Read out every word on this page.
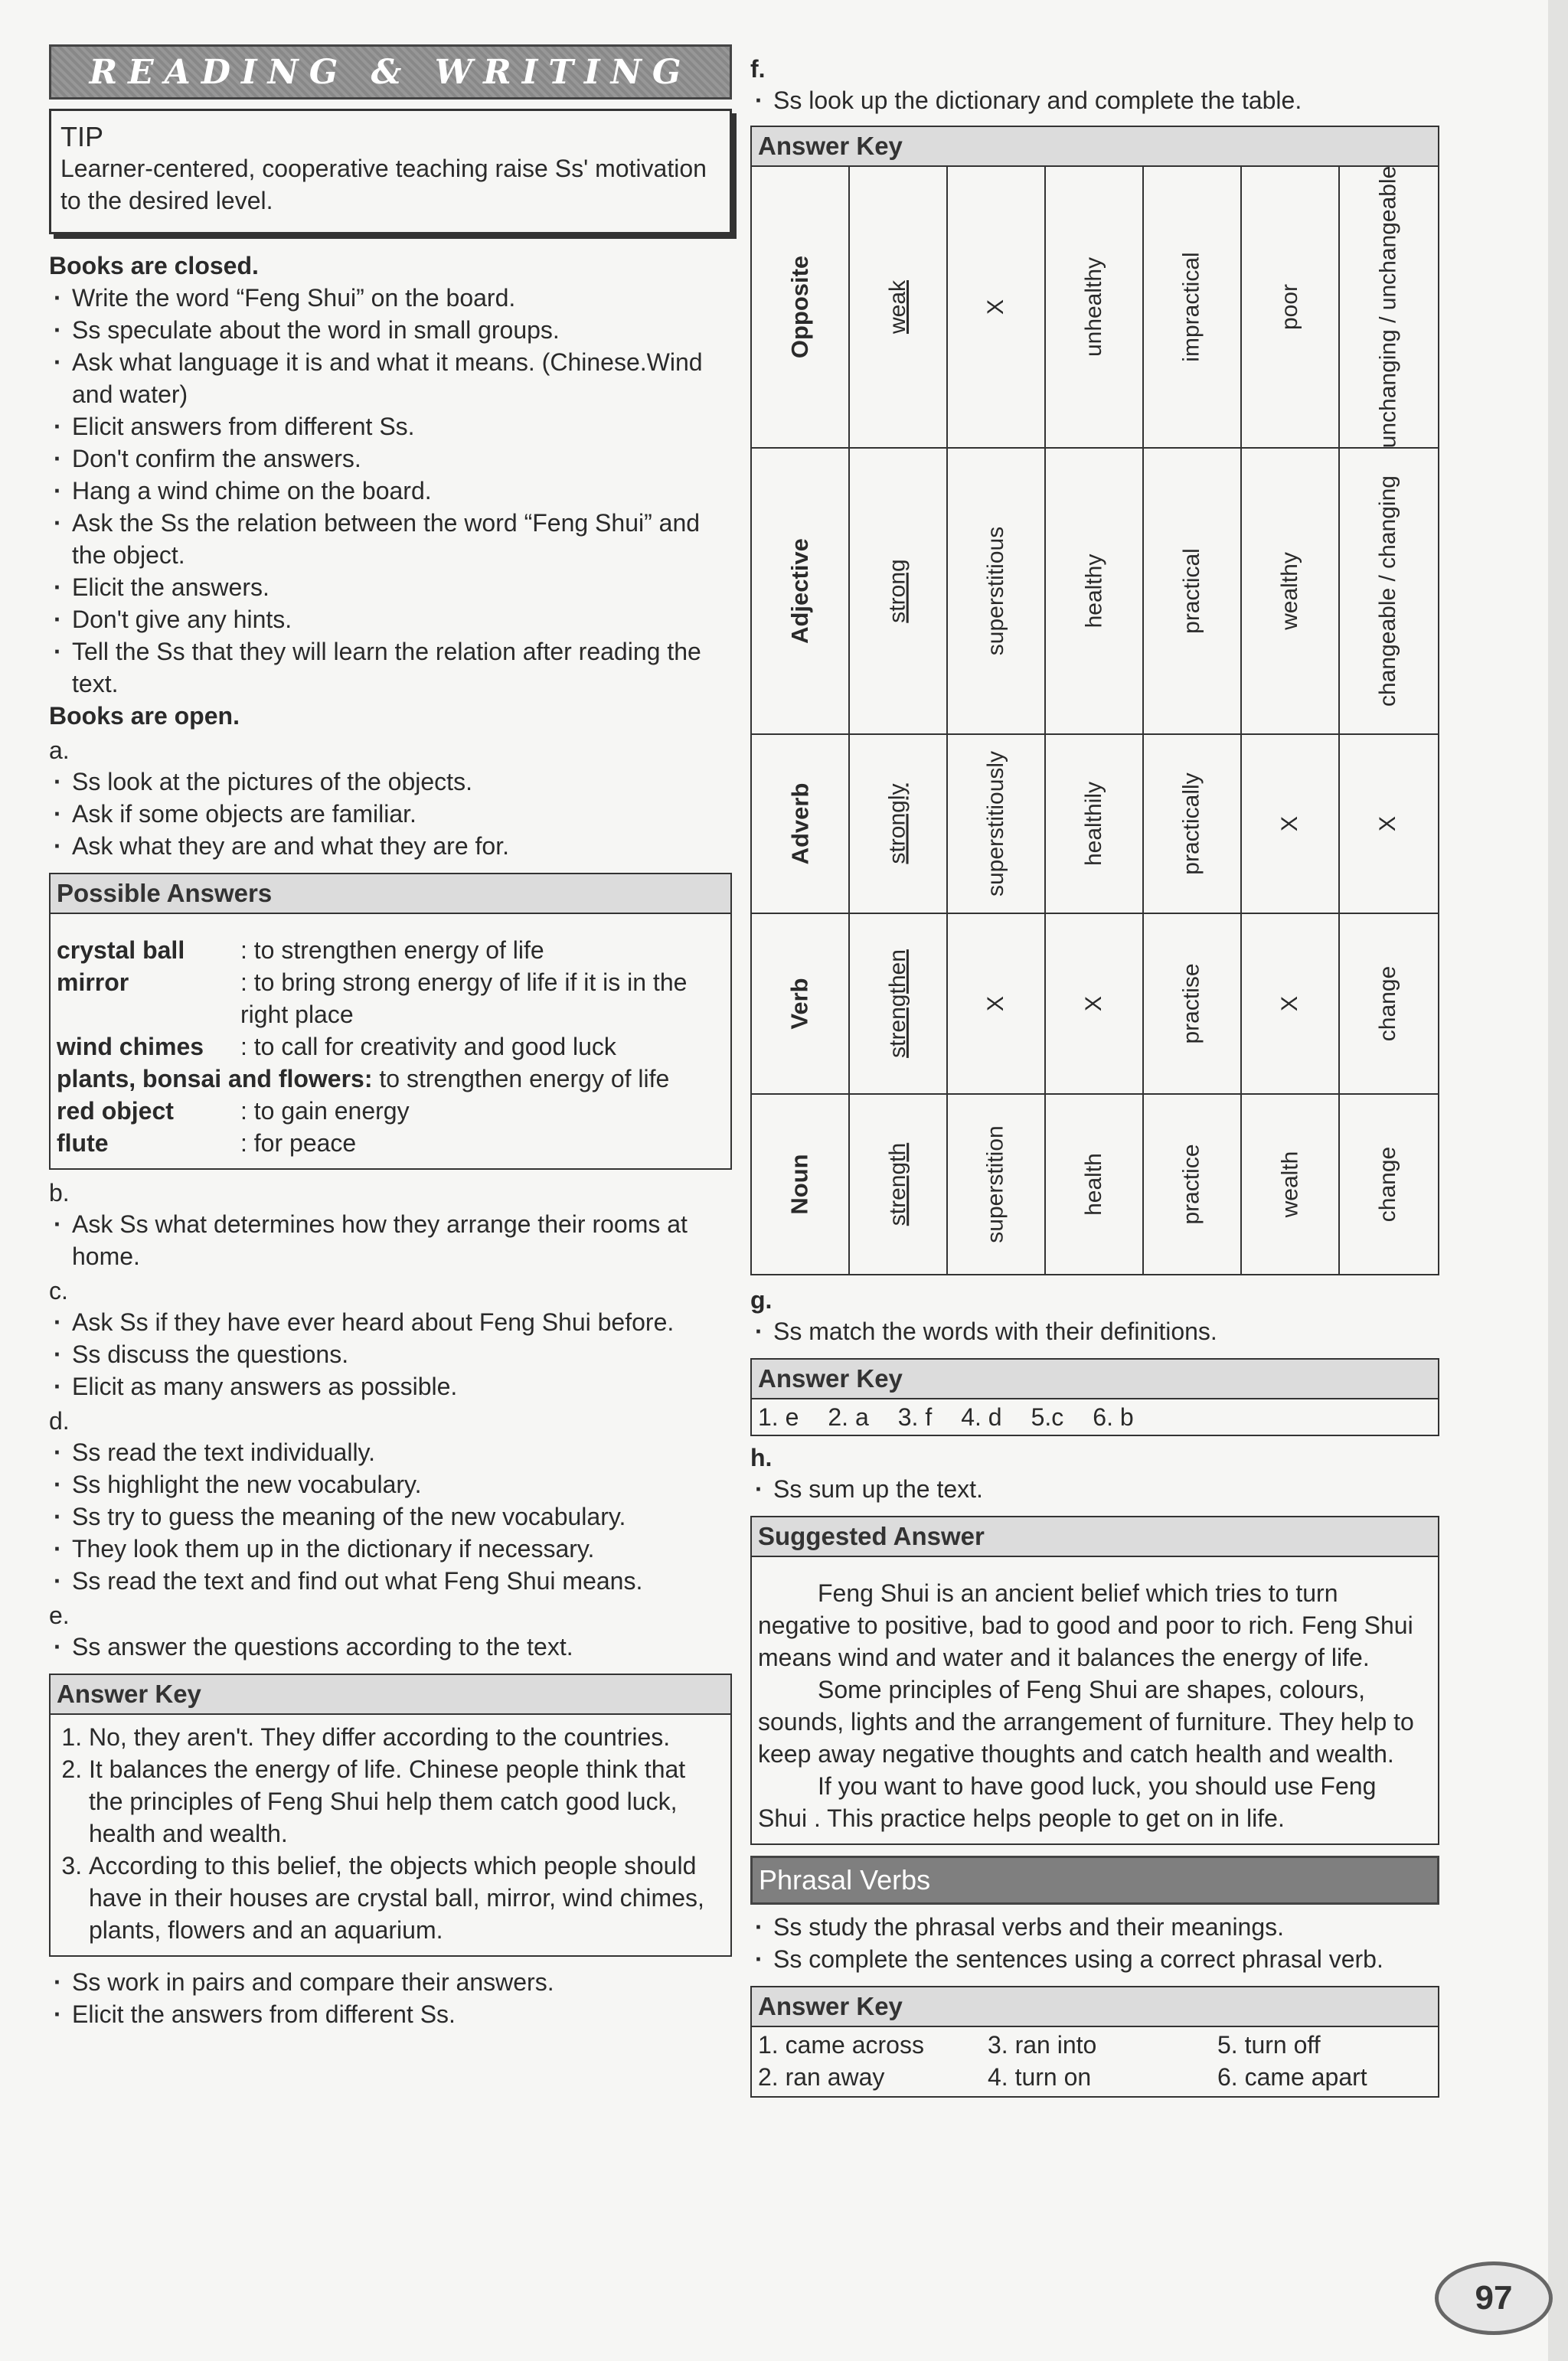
READING & WRITING
TIP
Learner-centered, cooperative teaching raise Ss' motivation to the desired level.
Books are closed.
· Write the word “Feng Shui” on the board.
· Ss speculate about the word in small groups.
· Ask what language it is and what it means. (Chinese.Wind and water)
· Elicit answers from different Ss.
· Don't confirm the answers.
· Hang a wind chime on the board.
· Ask the Ss the relation between the word “Feng Shui” and the object.
· Elicit the answers.
· Don't give any hints.
· Tell the Ss that they will learn the relation after reading the text.
Books are open.
a.
· Ss look at the pictures of the objects.
· Ask if some objects are familiar.
· Ask what they are and what they are for.
Possible Answers
crystal ball	: to strengthen energy of life
mirror	: to bring strong energy of life if it is in the right place
wind chimes	: to call for creativity and good luck
plants, bonsai and flowers: to strengthen energy of life
red object	: to gain energy
flute	: for peace
b.
· Ask Ss what determines how they arrange their rooms at home.
c.
· Ask Ss if they have ever heard about Feng Shui before.
· Ss discuss the questions.
· Elicit as many answers as possible.
d.
· Ss read the text individually.
· Ss highlight the new vocabulary.
· Ss try to guess the meaning of the new vocabulary.
· They look them up in the dictionary if necessary.
· Ss read the text and find out what Feng Shui means.
e.
· Ss answer the questions according to the text.
Answer Key
1. No, they aren't. They differ according to the countries.
2. It balances the energy of life. Chinese people think that the principles of Feng Shui help them catch good luck, health and wealth.
3. According to this belief, the objects which people should have in their houses are crystal ball, mirror, wind chimes, plants, flowers and an aquarium.
· Ss work in pairs and compare their answers.
· Elicit the answers from different Ss.
f.
· Ss look up the dictionary and complete the table.
Answer Key
Opposite	weak	X	unhealthy	impractical	poor	unchanging / unchangeable
Adjective	strong	superstitious	healthy	practical	wealthy	changeable / changing
Adverb	strongly	superstitiously	healthily	practically	X	X
Verb	strengthen	X	X	practise	X	change
Noun	strength	superstition	health	practice	wealth	change
g.
· Ss match the words with their definitions.
Answer Key
1. e 2. a 3. f 4. d 5.c 6. b
h.
· Ss sum up the text.
Suggested Answer

Feng Shui is an ancient belief which tries to turn negative to positive, bad to good and poor to rich. Feng Shui means wind and water and it balances the energy of life.

Some principles of Feng Shui are shapes, colours, sounds, lights and the arrangement of furniture. They help to keep away negative thoughts and catch health and wealth.

If you want to have good luck, you should use Feng Shui . This practice helps people to get on in life.

Phrasal Verbs
· Ss study the phrasal verbs and their meanings.
· Ss complete the sentences using a correct phrasal verb.
Answer Key
1. came across	3. ran into	5. turn off
2. ran away	4. turn on	6. came apart
97
